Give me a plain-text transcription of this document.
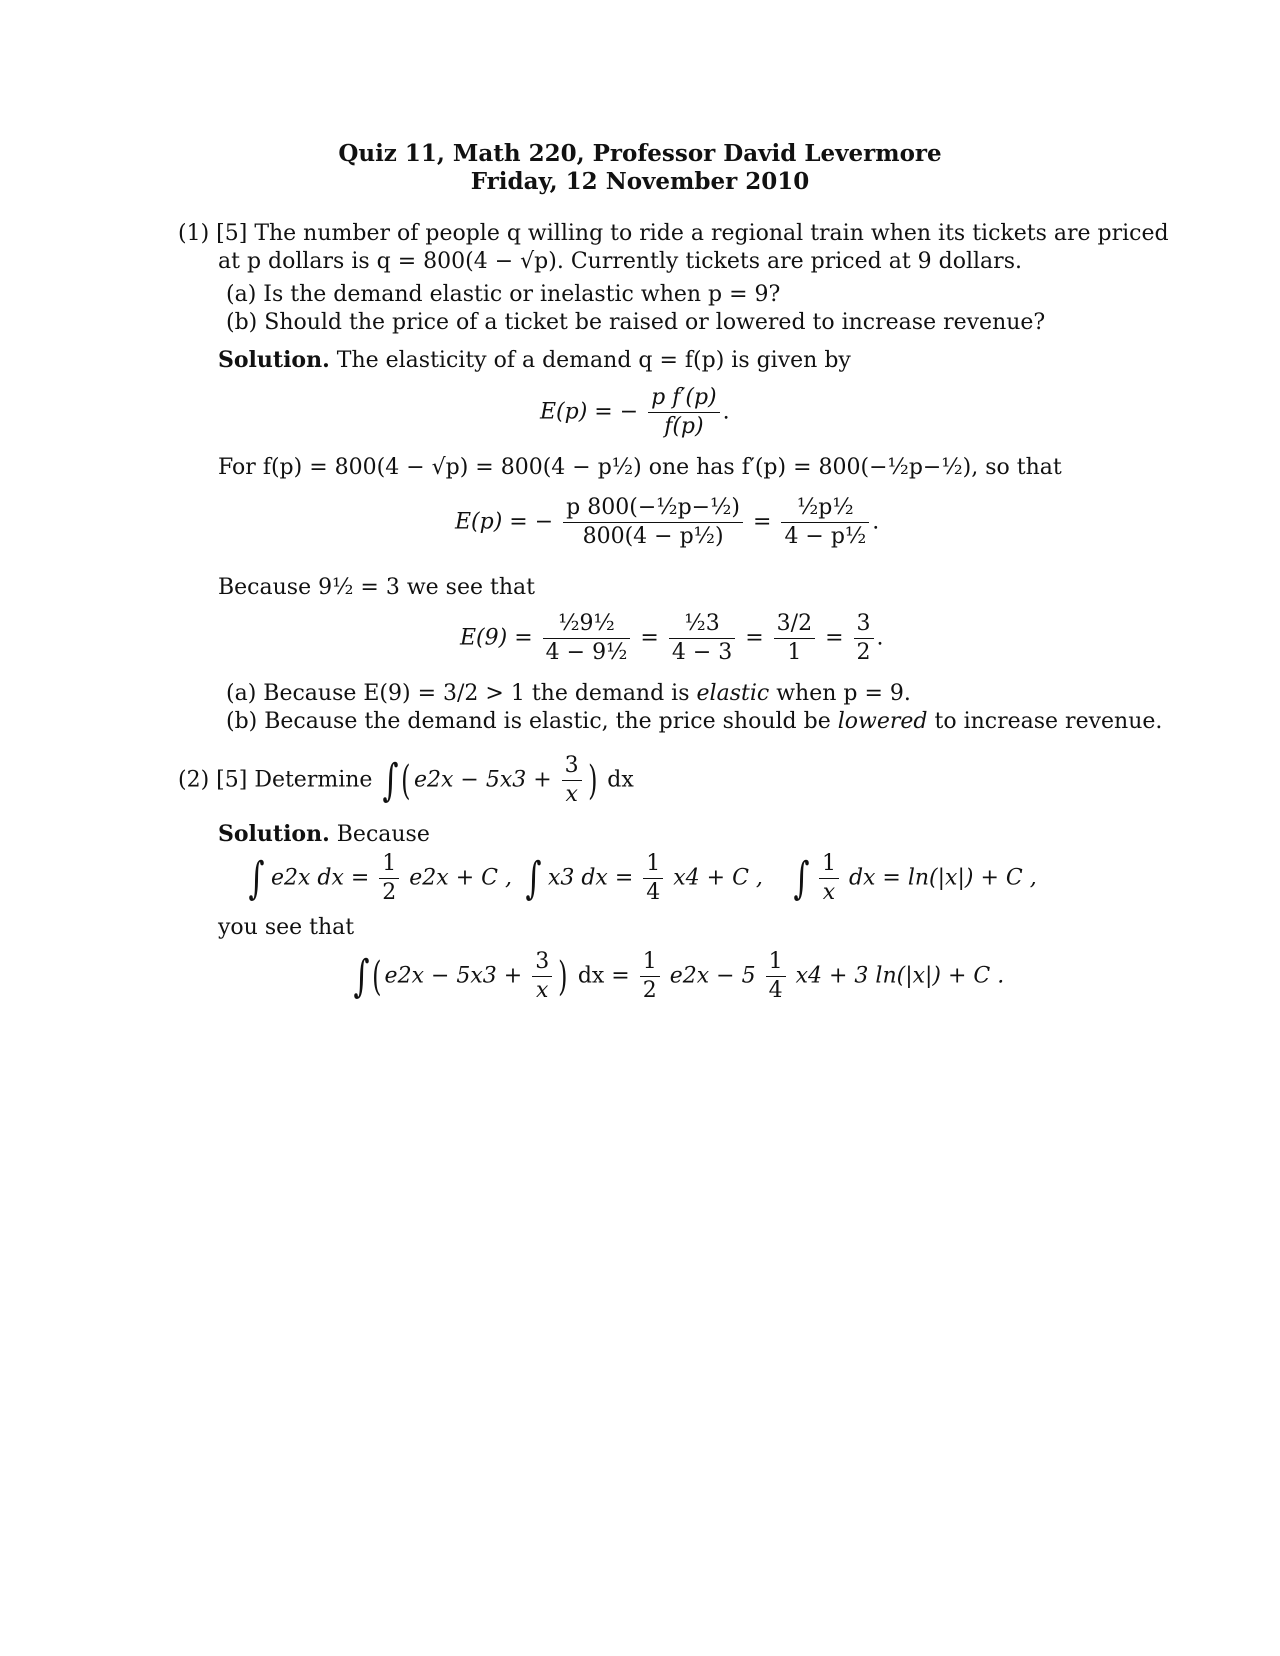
Quiz 11, Math 220, Professor David Levermore
Friday, 12 November 2010
(1) [5] The number of people q willing to ride a regional train when its tickets are priced
at p dollars is q = 800(4 − √p). Currently tickets are priced at 9 dollars.
(a) Is the demand elastic or inelastic when p = 9?
(b) Should the price of a ticket be raised or lowered to increase revenue?
Solution. The elasticity of a demand q = f(p) is given by
E(p) = − $\frac{\text{p f′(p)}}{f(p)}$ .
For f(p) = 800(4 − √p) = 800(4 − p½) one has f′(p) = 800(−½p−½), so that
E(p) = − $\frac{\text{p 800(−½p−½)}}{\text{800(4 − p½)}} = \frac{\text{½p½}}{\text{4 − p½}}$ .
Because 9½ = 3 we see that
$E(9) = \frac{\text{½9½}}{\text{4 − 9½}} = \frac{\text{½3}}{4 - 3} = \frac{3/2}{1} = \frac{3}{2}$ .
(a) Because E(9) = 3/2 > 1 the demand is elastic when p = 9.
(b) Because the demand is elastic, the price should be lowered to increase revenue.
(2) [5] Determine ∫( $e2x - 5x3 + \frac{3}{x}$ ) dx
Solution. Because
∫ e2x dx = $\frac{1}{2} e2x + C$ , ∫ x3 dx = $\frac{1}{4} x4 + C$ , ∫ $\frac{1}{x}$ dx = ln(|x|) + C ,
you see that
∫( $e2x - 5x3 + \frac{3}{x}$ ) dx = $\frac{1}{2} e2x - 5 \frac{1}{4} x4 + 3$ ln(|x|) + C .
